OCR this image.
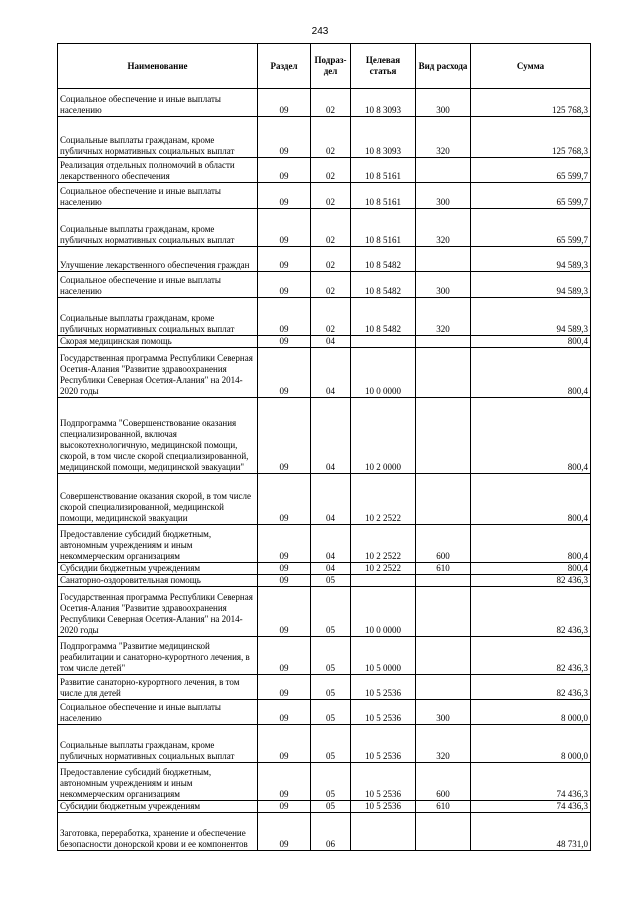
243
Наименование	Раздел	Подраз-дел	Целевая статья	Вид расхода	Сумма
Социальное обеспечение и иные выплаты населению	09	02	10 8 3093	300	125 768,3
Социальные выплаты гражданам, кроме публичных нормативных социальных выплат	09	02	10 8 3093	320	125 768,3
Реализация отдельных полномочий в области лекарственного обеспечения	09	02	10 8 5161		65 599,7
Социальное обеспечение и иные выплаты населению	09	02	10 8 5161	300	65 599,7
Социальные выплаты гражданам, кроме публичных нормативных социальных выплат	09	02	10 8 5161	320	65 599,7
Улучшение лекарственного обеспечения граждан	09	02	10 8 5482		94 589,3
Социальное обеспечение и иные выплаты населению	09	02	10 8 5482	300	94 589,3
Социальные выплаты гражданам, кроме публичных нормативных социальных выплат	09	02	10 8 5482	320	94 589,3
Скорая медицинская помощь	09	04			800,4
Государственная программа Республики Северная Осетия-Алания "Развитие здравоохранения Республики Северная Осетия-Алания" на 2014-2020 годы	09	04	10 0 0000		800,4
Подпрограмма "Совершенствование оказания специализированной, включая высокотехнологичную, медицинской помощи, скорой, в том числе скорой специализированной, медицинской помощи, медицинской эвакуации"	09	04	10 2 0000		800,4
Совершенствование оказания скорой, в том числе скорой специализированной, медицинской помощи, медицинской эвакуации	09	04	10 2 2522		800,4
Предоставление субсидий бюджетным, автономным учреждениям и иным некоммерческим организациям	09	04	10 2 2522	600	800,4
Субсидии бюджетным учреждениям	09	04	10 2 2522	610	800,4
Санаторно-оздоровительная помощь	09	05			82 436,3
Государственная программа Республики Северная Осетия-Алания "Развитие здравоохранения Республики Северная Осетия-Алания" на 2014-2020 годы	09	05	10 0 0000		82 436,3
Подпрограмма "Развитие медицинской реабилитации и санаторно-курортного лечения, в том числе детей"	09	05	10 5 0000		82 436,3
Развитие санаторно-курортного лечения, в том числе для детей	09	05	10 5 2536		82 436,3
Социальное обеспечение и иные выплаты населению	09	05	10 5 2536	300	8 000,0
Социальные выплаты гражданам, кроме публичных нормативных социальных выплат	09	05	10 5 2536	320	8 000,0
Предоставление субсидий бюджетным, автономным учреждениям и иным некоммерческим организациям	09	05	10 5 2536	600	74 436,3
Субсидии бюджетным учреждениям	09	05	10 5 2536	610	74 436,3
Заготовка, переработка, хранение и обеспечение безопасности донорской крови и ее компонентов	09	06			48 731,0
